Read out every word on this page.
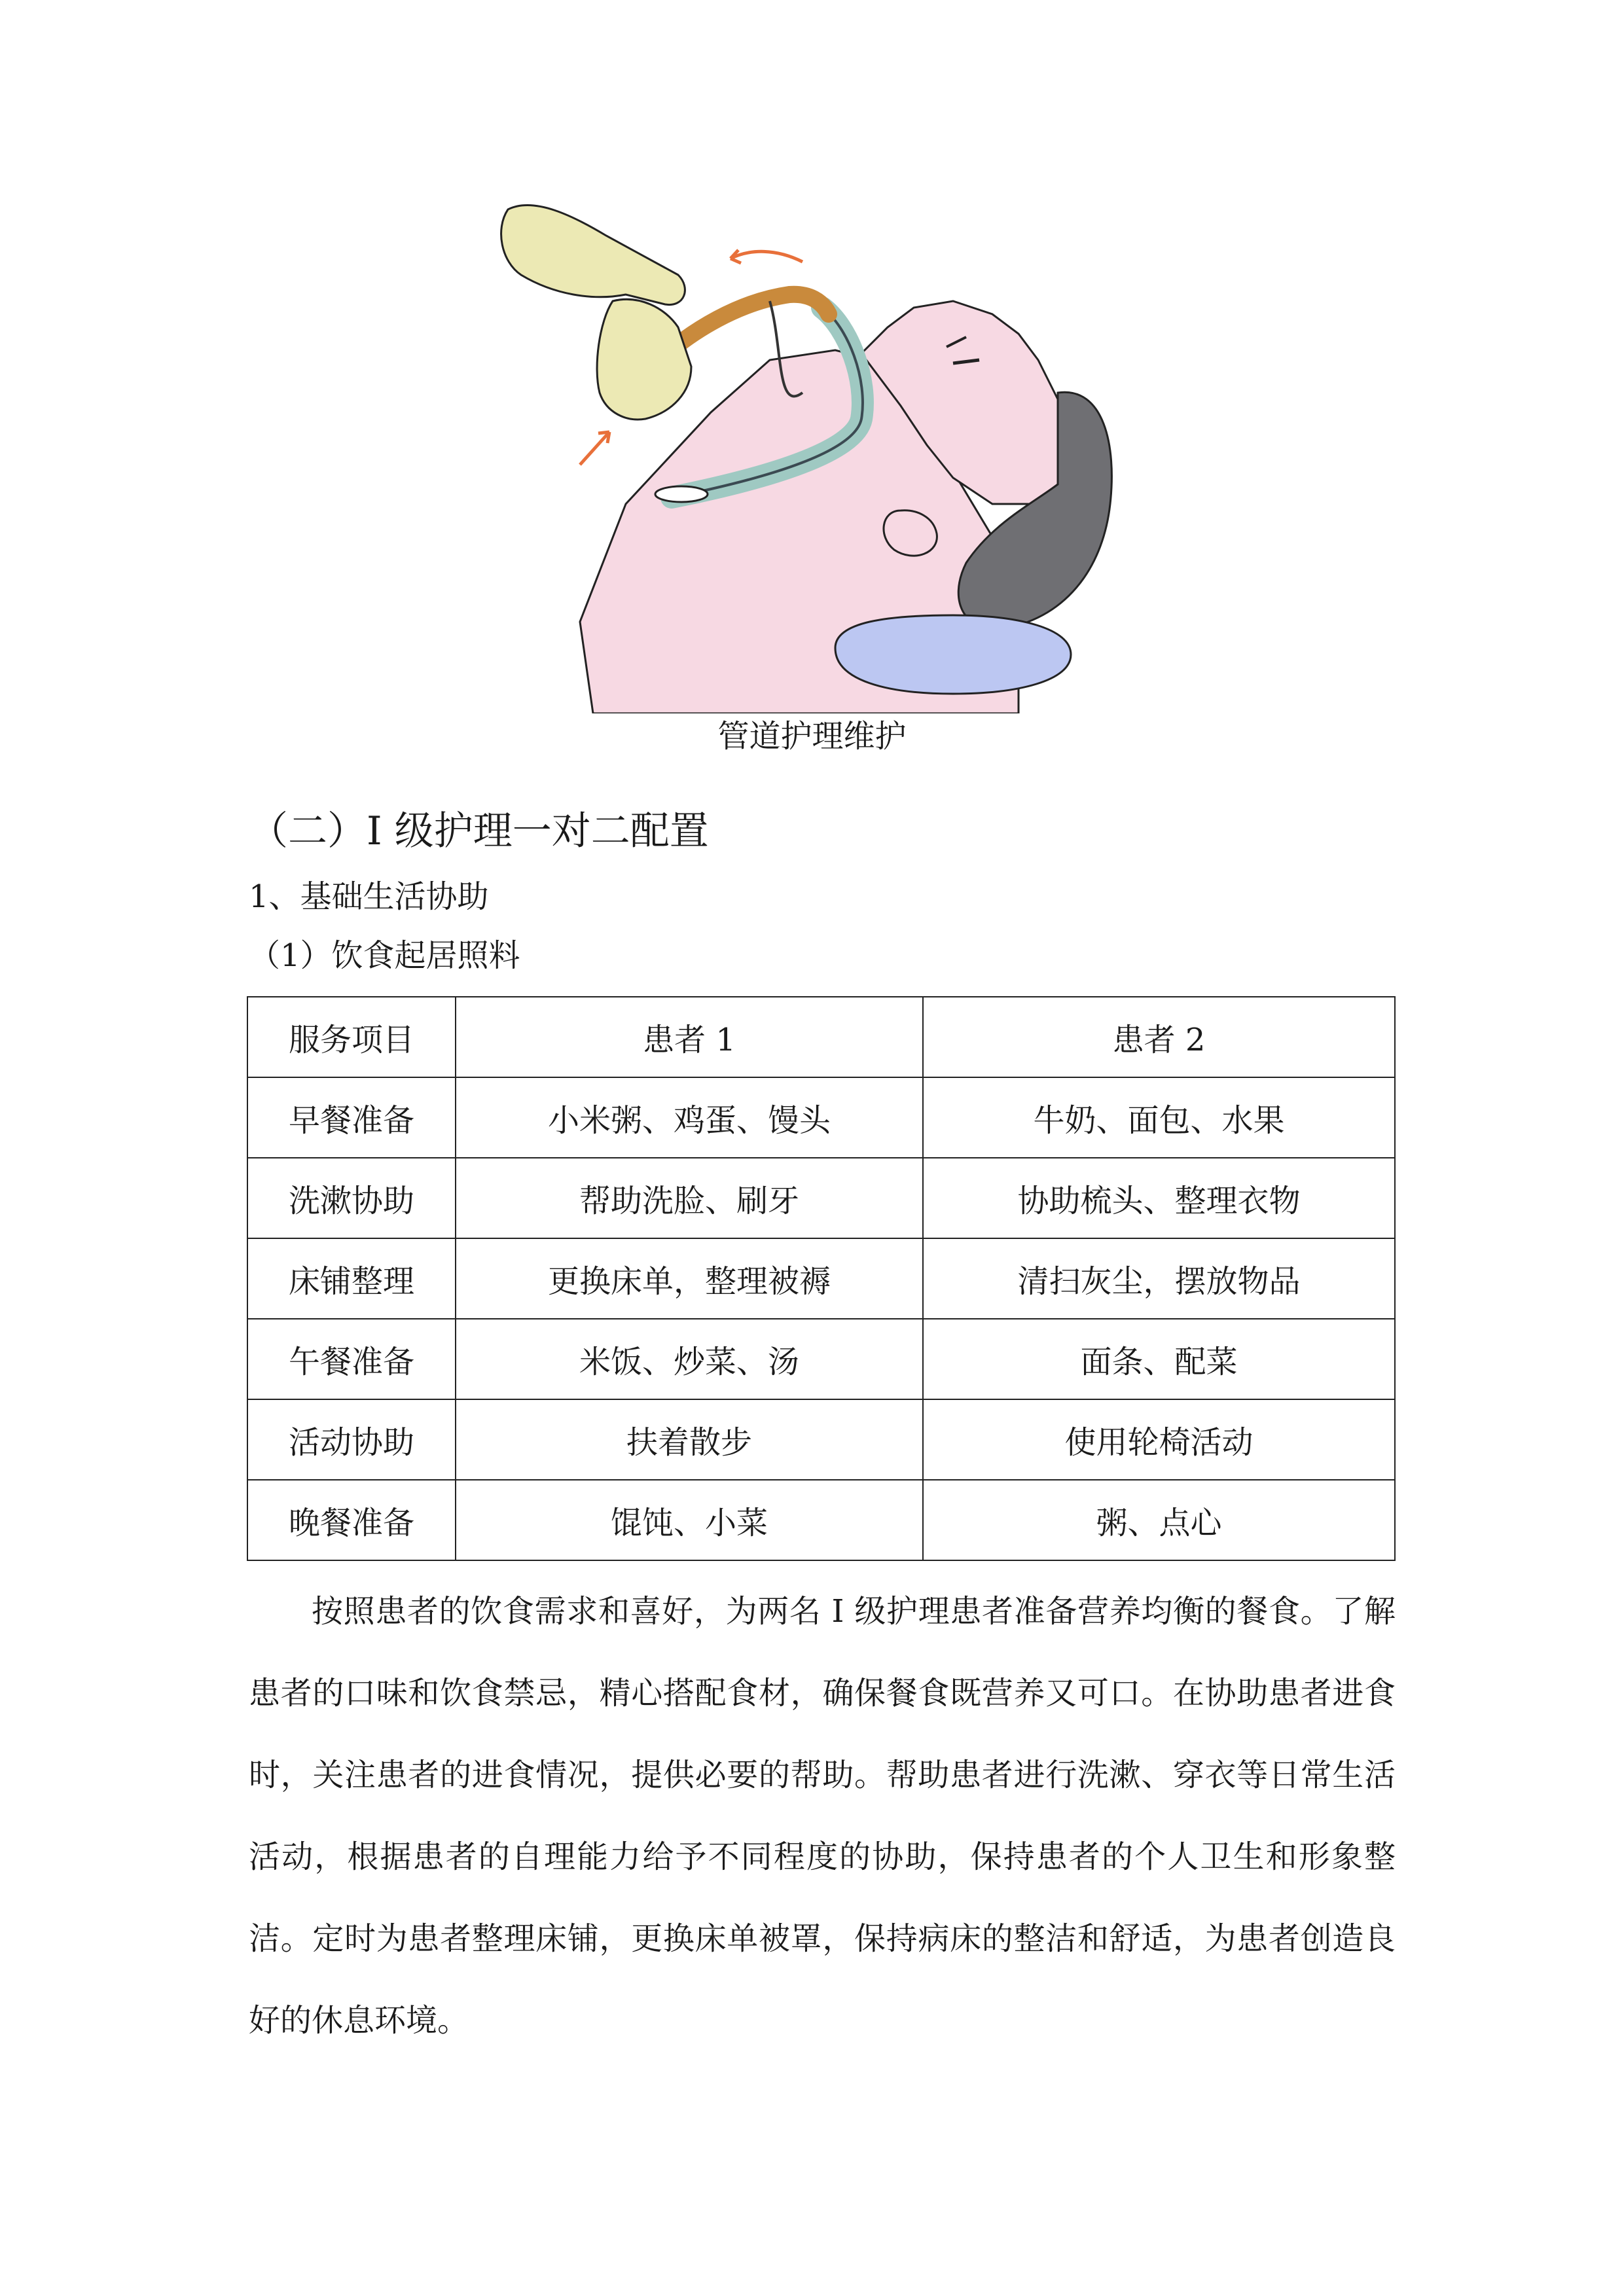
管道护理维护
（二）I 级护理一对二配置
1、基础生活协助
（1）饮食起居照料
服务项目	患者 1	患者 2
早餐准备	小米粥、鸡蛋、馒头	牛奶、面包、水果
洗漱协助	帮助洗脸、刷牙	协助梳头、整理衣物
床铺整理	更换床单，整理被褥	清扫灰尘，摆放物品
午餐准备	米饭、炒菜、汤	面条、配菜
活动协助	扶着散步	使用轮椅活动
晚餐准备	馄饨、小菜	粥、点心

按照患者的饮食需求和喜好，为两名 I 级护理患者准备营养均衡的餐食。了解患者的口味和饮食禁忌，精心搭配食材，确保餐食既营养又可口。在协助患者进食时，关注患者的进食情况，提供必要的帮助。帮助患者进行洗漱、穿衣等日常生活活动，根据患者的自理能力给予不同程度的协助，保持患者的个人卫生和形象整洁。定时为患者整理床铺，更换床单被罩，保持病床的整洁和舒适，为患者创造良好的休息环境。
